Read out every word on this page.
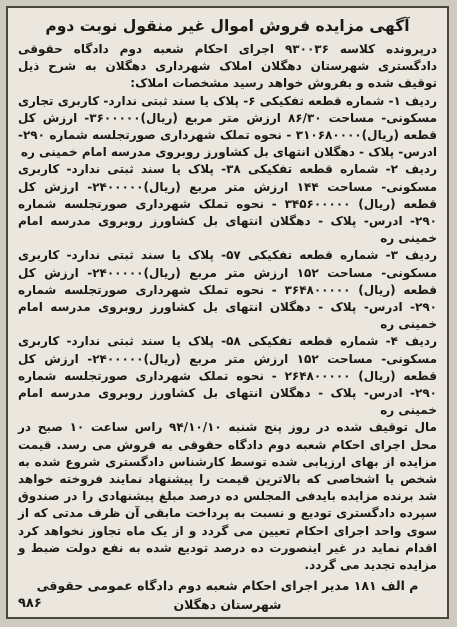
آگهی مزایده فروش اموال غیر منقول نوبت دوم

درپرونده کلاسه ۹۳۰۰۳۶ اجرای احکام شعبه دوم دادگاه حقوقی دادگستری شهرستان دهگلان املاک شهرداری دهگلان به شرح ذیل توقیف شده و بفروش خواهد رسید مشخصات املاک:

ردیف ۱- شماره قطعه تفکیکی ۶- پلاک یا سند ثبتی ندارد- کاربری تجاری مسکونی- مساحت ۸۶/۳۰ ارزش متر مربع (ریال)۳۶۰۰۰۰۰- ارزش کل قطعه (ریال)۳۱۰۶۸۰۰۰۰ - نحوه تملک شهرداری صورتجلسه شماره ۲۹۰- ادرس- پلاک - دهگلان انتهای بل کشاورز روبروی مدرسه امام خمینی ره

ردیف ۲- شماره قطعه تفکیکی ۳۸- پلاک یا سند ثبتی ندارد- کاربری مسکونی- مساحت ۱۴۴ ارزش متر مربع (ریال)۲۴۰۰۰۰۰- ارزش کل قطعه (ریال) ۳۴۵۶۰۰۰۰۰ - نحوه تملک شهرداری صورتجلسه شماره ۲۹۰- ادرس- پلاک - دهگلان انتهای بل کشاورز روبروی مدرسه امام خمینی ره

ردیف ۳- شماره قطعه تفکیکی ۵۷- پلاک یا سند ثبتی ندارد- کاربری مسکونی- مساحت ۱۵۲ ارزش متر مربع (ریال)۲۴۰۰۰۰۰- ارزش کل قطعه (ریال) ۳۶۴۸۰۰۰۰۰ - نحوه تملک شهرداری صورتجلسه شماره ۲۹۰- ادرس- پلاک - دهگلان انتهای بل کشاورز روبروی مدرسه امام خمینی ره

ردیف ۴- شماره قطعه تفکیکی ۵۸- پلاک یا سند ثبتی ندارد- کاربری مسکونی- مساحت ۱۵۲ ارزش متر مربع (ریال)۲۴۰۰۰۰۰- ارزش کل قطعه (ریال) ۲۶۴۸۰۰۰۰۰ - نحوه تملک شهرداری صورتجلسه شماره ۲۹۰- ادرس- پلاک - دهگلان انتهای بل کشاورز روبروی مدرسه امام خمینی ره

مال توقیف شده در روز پنج شنبه ۹۴/۱۰/۱۰ راس ساعت ۱۰ صبح در محل اجرای احکام شعبه دوم دادگاه حقوقی به فروش می رسد. قیمت مزایده از بهای ارزیابی شده توسط کارشناس دادگستری شروع شده به شخص یا اشخاصی که بالاترین قیمت را پیشنهاد نمایند فروخته خواهد شد برنده مزایده بایدفی المجلس ده درصد مبلغ پیشنهادی را در صندوق سپرده دادگستری تودیع و نسبت به پرداخت مابقی آن ظرف مدتی که از سوی واحد اجرای احکام تعیین می گردد و از یک ماه تجاوز نخواهد کرد اقدام نماید در غیر اینصورت ده درصد تودیع شده به نفع دولت ضبط و مزایده تجدید می گردد.

م الف ۱۸۱ مدیر اجرای احکام شعبه دوم دادگاه عمومی حقوقی شهرستان دهگلان
۹۸۶
